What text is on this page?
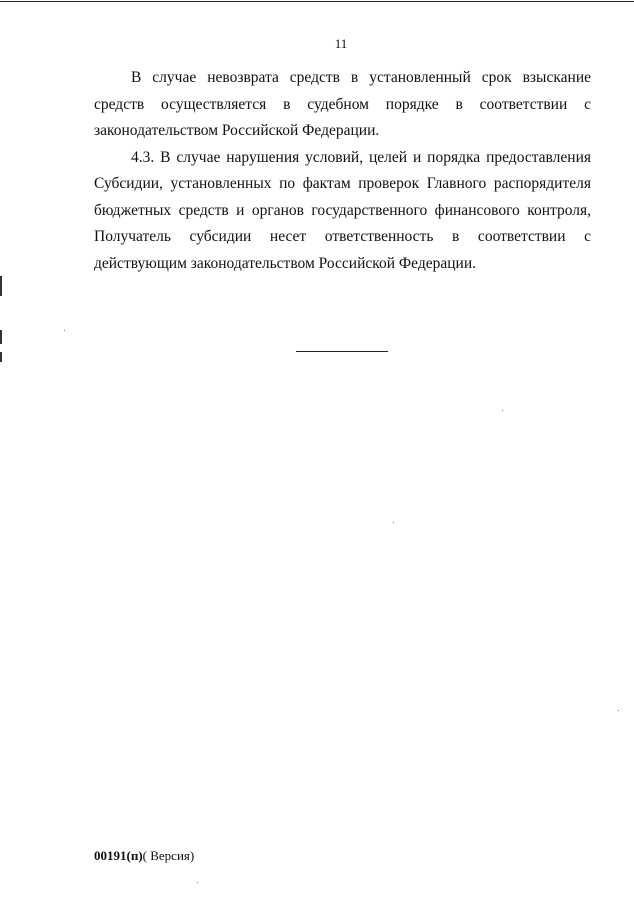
11

В случае невозврата средств в установленный срок взыскание средств осуществляется в судебном порядке в соответствии с законодательством Российской Федерации.

4.3. В случае нарушения условий, целей и порядка предоставления Субсидии, установленных по фактам проверок Главного распорядителя бюджетных средств и органов государственного финансового контроля, Получатель субсидии несет ответственность в соответствии с действующим законодательством Российской Федерации.

00191(п)( Версия)
